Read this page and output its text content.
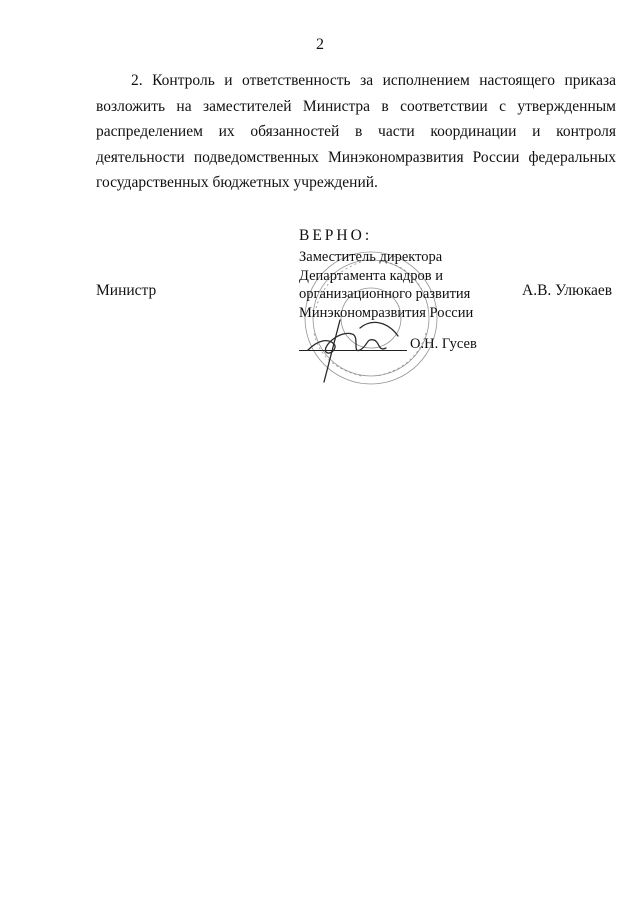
2

2. Контроль и ответственность за исполнением настоящего приказа возложить на заместителей Министра в соответствии с утвержденным распределением их обязанностей в части координации и контроля деятельности подведомственных Минэкономразвития России федеральных государственных бюджетных учреждений.

ВЕРНО:
Заместитель директора
Департамента кадров и
организационного развития
Минэкономразвития России
Министр	А.В. Улюкаев
О.Н. Гусев
